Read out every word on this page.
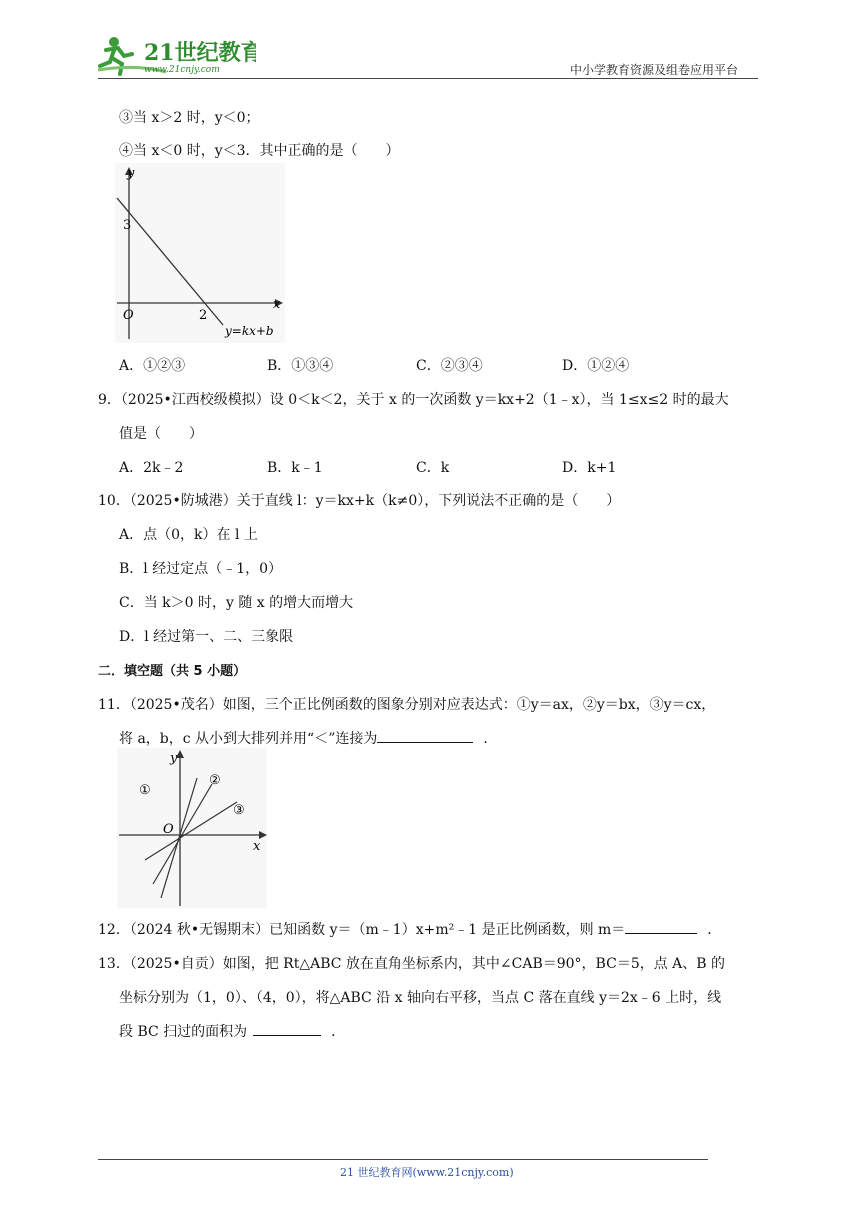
21世纪教育
www.21cnjy.com	中小学教育资源及组卷应用平台
③当 x＞2 时，y＜0；
④当 x＜0 时，y＜3．其中正确的是（　　）
y
x
O
3
2
y=kx+b
A．①②③	B．①③④	C．②③④	D．①②④
9．（2025•江西校级模拟）设 0＜k＜2，关于 x 的一次函数 y＝kx+2（1﹣x），当 1≤x≤2 时的最大
值是（　　）
A．2k﹣2	B．k﹣1	C．k	D．k+1
10．（2025•防城港）关于直线 l：y＝kx+k（k≠0），下列说法不正确的是（　　）
A．点（0，k）在 l 上
B．l 经过定点（﹣1，0）
C．当 k＞0 时，y 随 x 的增大而增大
D．l 经过第一、二、三象限
二．填空题（共 5 小题）
11．（2025•茂名）如图，三个正比例函数的图象分别对应表达式：①y＝ax，②y＝bx，③y＝cx，
将 a，b，c 从小到大排列并用“＜”连接为	．
y
x
O
①
②
③
12．（2024 秋•无锡期末）已知函数 y＝（m﹣1）x+m²﹣1 是正比例函数，则 m＝	．
13．（2025•自贡）如图，把 Rt△ABC 放在直角坐标系内，其中∠CAB＝90°，BC＝5，点 A、B 的
坐标分别为（1，0）、（4，0），将△ABC 沿 x 轴向右平移，当点 C 落在直线 y＝2x﹣6 上时，线
段 BC 扫过的面积为	．
21 世纪教育网(www.21cnjy.com)
